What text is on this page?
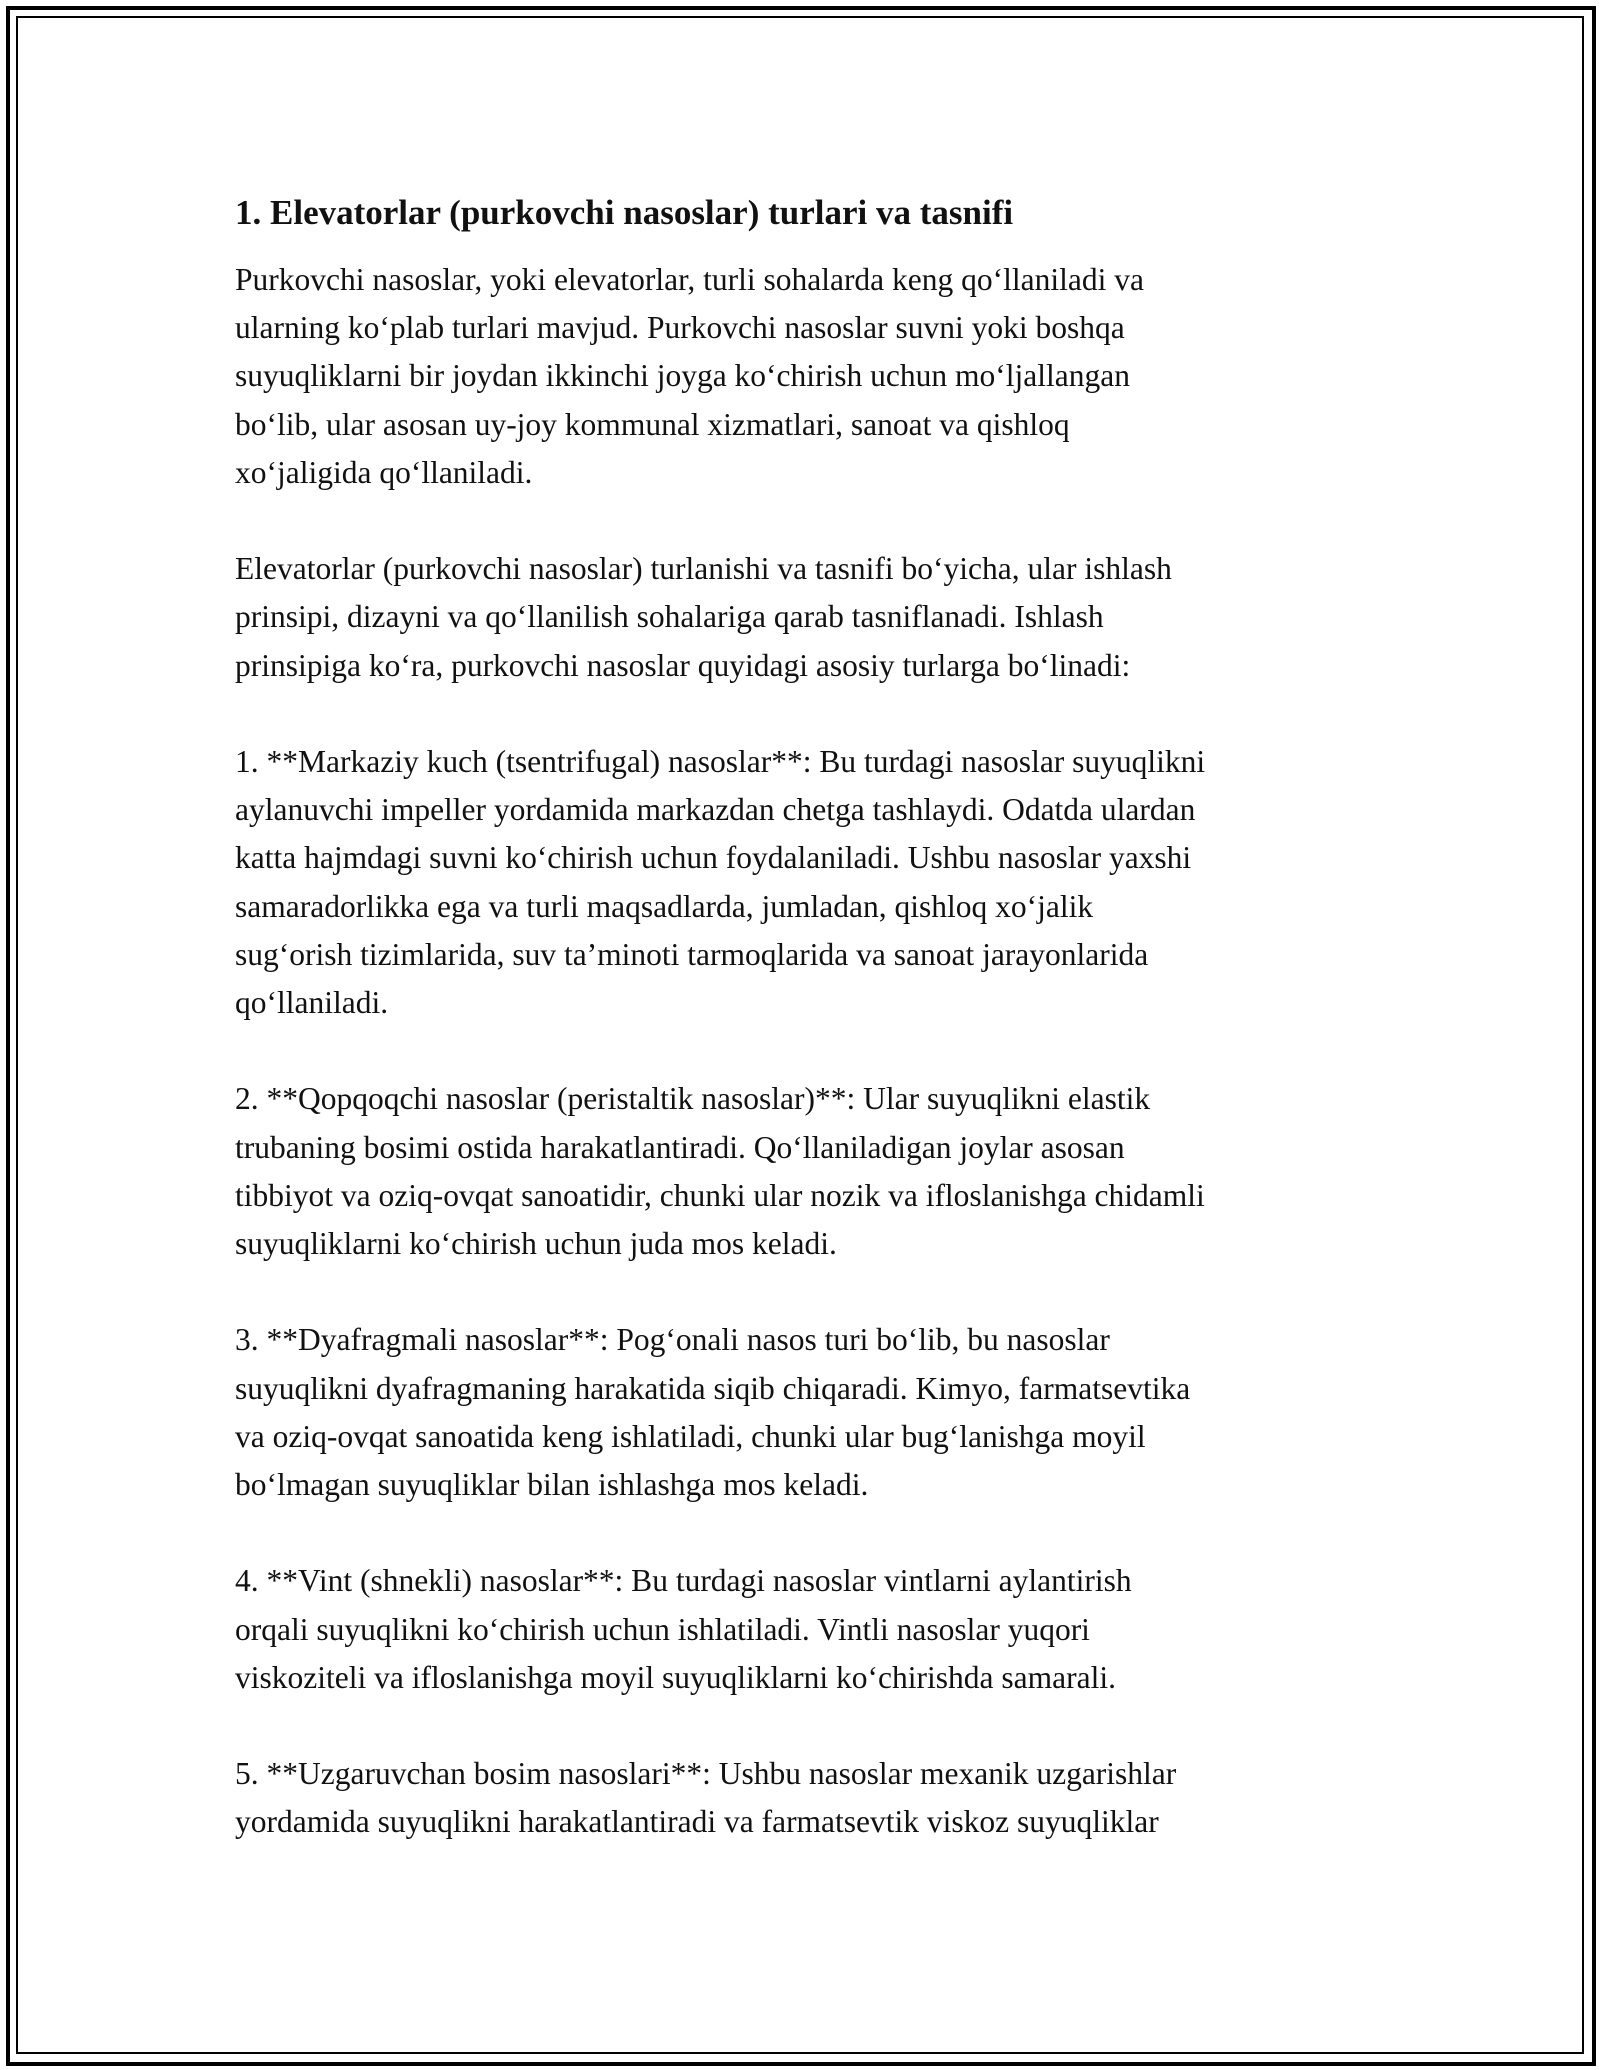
1. Elevatorlar (purkovchi nasoslar) turlari va tasnifi
Purkovchi nasoslar, yoki elevatorlar, turli sohalarda keng qo‘llaniladi va
ularning ko‘plab turlari mavjud. Purkovchi nasoslar suvni yoki boshqa
suyuqliklarni bir joydan ikkinchi joyga ko‘chirish uchun mo‘ljallangan
bo‘lib, ular asosan uy-joy kommunal xizmatlari, sanoat va qishloq
xo‘jaligida qo‘llaniladi.
Elevatorlar (purkovchi nasoslar) turlanishi va tasnifi bo‘yicha, ular ishlash
prinsipi, dizayni va qo‘llanilish sohalariga qarab tasniflanadi. Ishlash
prinsipiga ko‘ra, purkovchi nasoslar quyidagi asosiy turlarga bo‘linadi:
1. **Markaziy kuch (tsentrifugal) nasoslar**: Bu turdagi nasoslar suyuqlikni
aylanuvchi impeller yordamida markazdan chetga tashlaydi. Odatda ulardan
katta hajmdagi suvni ko‘chirish uchun foydalaniladi. Ushbu nasoslar yaxshi
samaradorlikka ega va turli maqsadlarda, jumladan, qishloq xo‘jalik
sug‘orish tizimlarida, suv ta’minoti tarmoqlarida va sanoat jarayonlarida
qo‘llaniladi.
2. **Qopqoqchi nasoslar (peristaltik nasoslar)**: Ular suyuqlikni elastik
trubaning bosimi ostida harakatlantiradi. Qo‘llaniladigan joylar asosan
tibbiyot va oziq-ovqat sanoatidir, chunki ular nozik va ifloslanishga chidamli
suyuqliklarni ko‘chirish uchun juda mos keladi.
3. **Dyafragmali nasoslar**: Pog‘onali nasos turi bo‘lib, bu nasoslar
suyuqlikni dyafragmaning harakatida siqib chiqaradi. Kimyo, farmatsevtika
va oziq-ovqat sanoatida keng ishlatiladi, chunki ular bug‘lanishga moyil
bo‘lmagan suyuqliklar bilan ishlashga mos keladi.
4. **Vint (shnekli) nasoslar**: Bu turdagi nasoslar vintlarni aylantirish
orqali suyuqlikni ko‘chirish uchun ishlatiladi. Vintli nasoslar yuqori
viskoziteli va ifloslanishga moyil suyuqliklarni ko‘chirishda samarali.
5. **Uzgaruvchan bosim nasoslari**: Ushbu nasoslar mexanik uzgarishlar
yordamida suyuqlikni harakatlantiradi va farmatsevtik viskoz suyuqliklar
